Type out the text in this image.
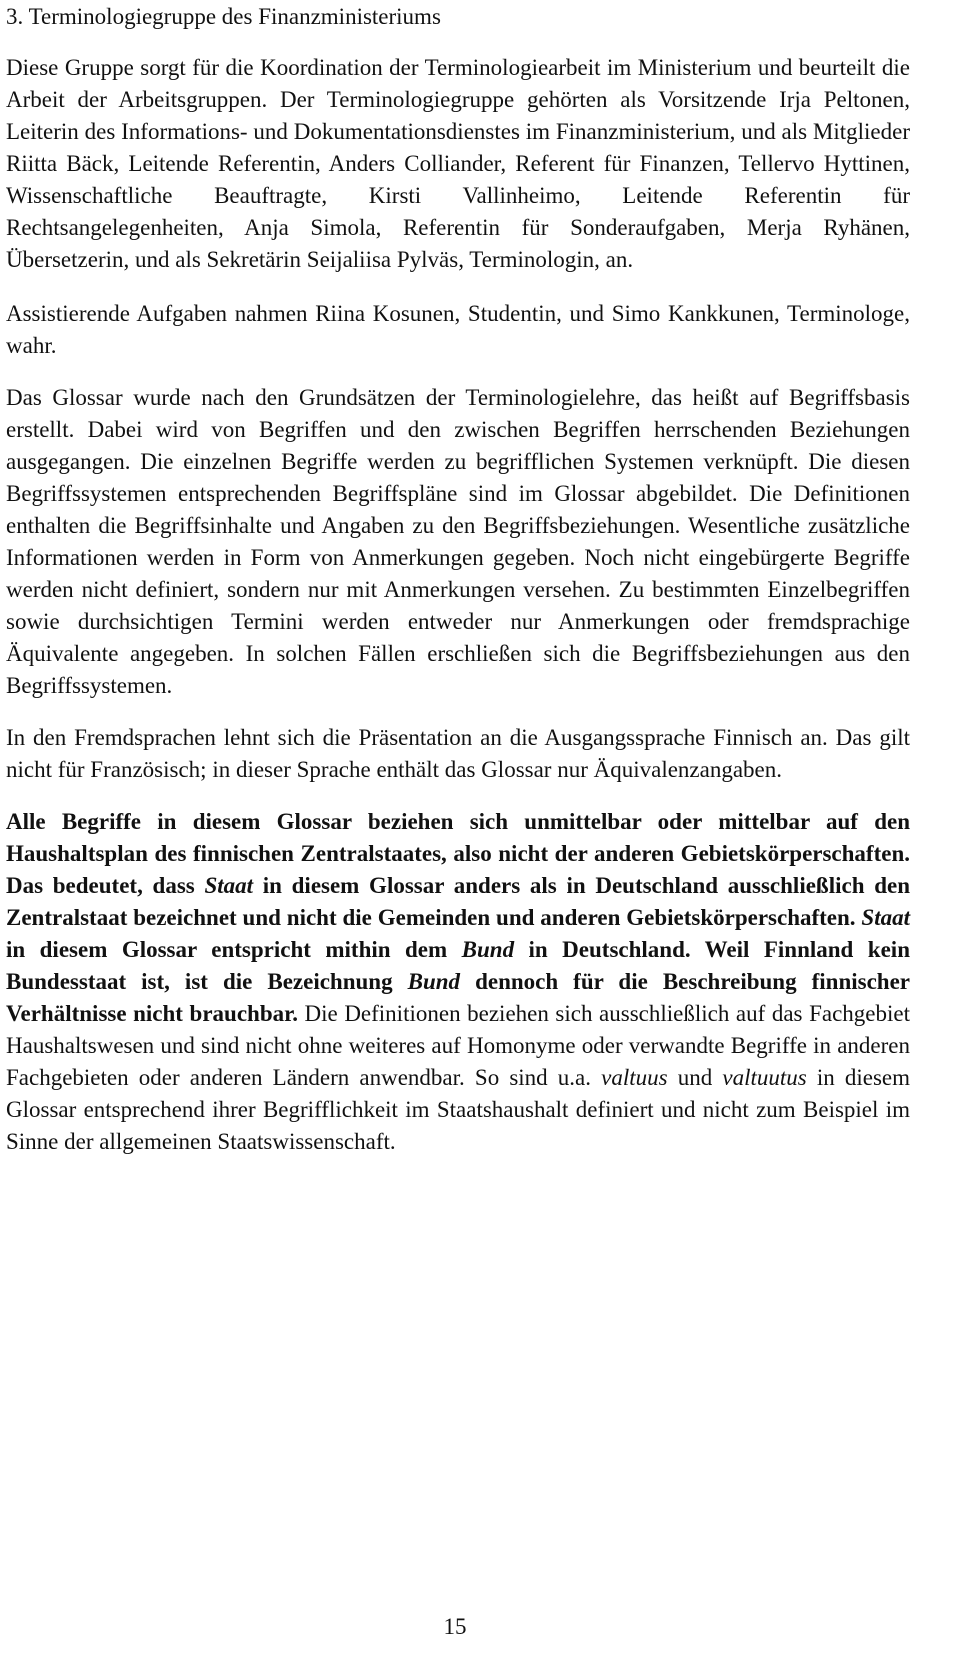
3. Terminologiegruppe des Finanzministeriums

Diese Gruppe sorgt für die Koordination der Terminologiearbeit im Ministerium und beurteilt die Arbeit der Arbeitsgruppen. Der Terminologiegruppe gehörten als Vorsitzende Irja Peltonen, Leiterin des Informations- und Dokumentationsdienstes im Finanzministerium, und als Mitglieder Riitta Bäck, Leitende Referentin, Anders Colliander, Referent für Finanzen, Tellervo Hyttinen, Wissenschaftliche Beauftragte, Kirsti Vallinheimo, Leitende Referentin für Rechtsangelegenheiten, Anja Simola, Referentin für Sonderaufgaben, Merja Ryhänen, Übersetzerin, und als Sekretärin Seijaliisa Pylväs, Terminologin, an.

Assistierende Aufgaben nahmen Riina Kosunen, Studentin, und Simo Kankkunen, Terminologe, wahr.

Das Glossar wurde nach den Grundsätzen der Terminologielehre, das heißt auf Begriffsbasis erstellt. Dabei wird von Begriffen und den zwischen Begriffen herrschenden Beziehungen ausgegangen. Die einzelnen Begriffe werden zu begrifflichen Systemen verknüpft. Die diesen Begriffssystemen entsprechenden Begriffspläne sind im Glossar abgebildet. Die Definitionen enthalten die Begriffsinhalte und Angaben zu den Begriffsbeziehungen. Wesentliche zusätzliche Informationen werden in Form von Anmerkungen gegeben. Noch nicht eingebürgerte Begriffe werden nicht definiert, sondern nur mit Anmerkungen versehen. Zu bestimmten Einzelbegriffen sowie durchsichtigen Termini werden entweder nur Anmerkungen oder fremdsprachige Äquivalente angegeben. In solchen Fällen erschließen sich die Begriffsbeziehungen aus den Begriffssystemen.

In den Fremdsprachen lehnt sich die Präsentation an die Ausgangssprache Finnisch an. Das gilt nicht für Französisch; in dieser Sprache enthält das Glossar nur Äquivalenzangaben.

Alle Begriffe in diesem Glossar beziehen sich unmittelbar oder mittelbar auf den Haushaltsplan des finnischen Zentralstaates, also nicht der anderen Gebietskörperschaften. Das bedeutet, dass Staat in diesem Glossar anders als in Deutschland ausschließlich den Zentralstaat bezeichnet und nicht die Gemeinden und anderen Gebietskörperschaften. Staat in diesem Glossar entspricht mithin dem Bund in Deutschland. Weil Finnland kein Bundesstaat ist, ist die Bezeichnung Bund dennoch für die Beschreibung finnischer Verhältnisse nicht brauchbar. Die Definitionen beziehen sich ausschließlich auf das Fachgebiet Haushaltswesen und sind nicht ohne weiteres auf Homonyme oder verwandte Begriffe in anderen Fachgebieten oder anderen Ländern anwendbar. So sind u.a. valtuus und valtuutus in diesem Glossar entsprechend ihrer Begrifflichkeit im Staatshaushalt definiert und nicht zum Beispiel im Sinne der allgemeinen Staatswissenschaft.

15
